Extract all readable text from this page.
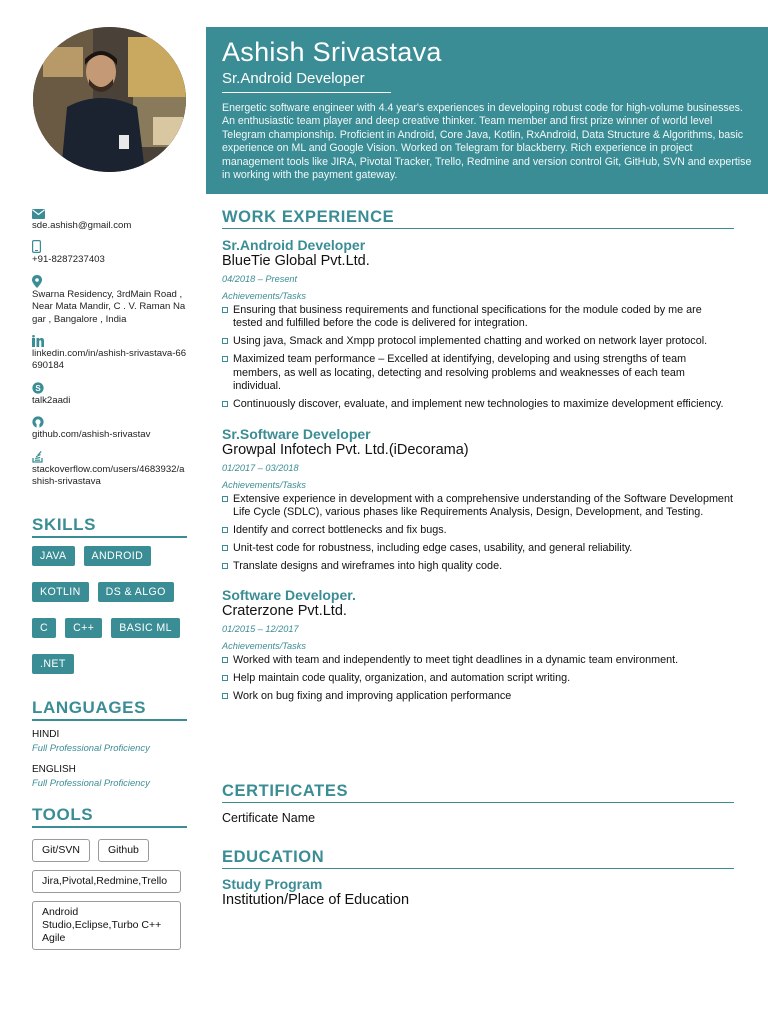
Ashish Srivastava
Sr.Android Developer
Energetic software engineer with 4.4 year's experiences in developing robust code for high-volume businesses. An enthusiastic team player and deep creative thinker. Team member and first prize winner of world level Telegram championship. Proficient in Android, Core Java, Kotlin, RxAndroid, Data Structure & Algorithms, basic experience on ML and Google Vision. Worked on Telegram for blackberry. Rich experience in project management tools like JIRA, Pivotal Tracker, Trello, Redmine and version control Git, GitHub, SVN and expertise in working with the payment gateway.
sde.ashish@gmail.com
+91-8287237403
Swarna Residency, 3rdMain Road ,Near Mata Mandir, C . V. Raman Nagar , Bangalore , India
linkedin.com/in/ashish-srivastava-66690184
S
talk2aadi
github.com/ashish-srivastav
stackoverflow.com/users/4683932/ashish-srivastava
SKILLS
JAVA	ANDROID
KOTLIN	DS & ALGO
C	C++	BASIC ML
.NET
LANGUAGES
HINDI
Full Professional Proficiency
ENGLISH
Full Professional Proficiency
TOOLS
Git/SVN	Github
Jira,Pivotal,Redmine,Trello
Android Studio,Eclipse,Turbo C++ Agile
WORK EXPERIENCE
Sr.Android Developer
BlueTie Global Pvt.Ltd.
04/2018 – Present
Achievements/Tasks
Ensuring that business requirements and functional specifications for the module coded by me are tested and fulfilled before the code is delivered for integration.
Using java, Smack and Xmpp protocol implemented chatting and worked on network layer protocol.
Maximized team performance – Excelled at identifying, developing and using strengths of team members, as well as locating, detecting and resolving problems and weaknesses of each team individual.
Continuously discover, evaluate, and implement new technologies to maximize development efficiency.
Sr.Software Developer
Growpal Infotech Pvt. Ltd.(iDecorama)
01/2017 – 03/2018
Achievements/Tasks
Extensive experience in development with a comprehensive understanding of the Software Development Life Cycle (SDLC), various phases like Requirements Analysis, Design, Development, and Testing.
Identify and correct bottlenecks and fix bugs.
Unit-test code for robustness, including edge cases, usability, and general reliability.
Translate designs and wireframes into high quality code.
Software Developer.
Craterzone Pvt.Ltd.
01/2015 – 12/2017
Achievements/Tasks
Worked with team and independently to meet tight deadlines in a dynamic team environment.
Help maintain code quality, organization, and automation script writing.
Work on bug fixing and improving application performance
CERTIFICATES
Certificate Name
EDUCATION
Study Program
Institution/Place of Education
